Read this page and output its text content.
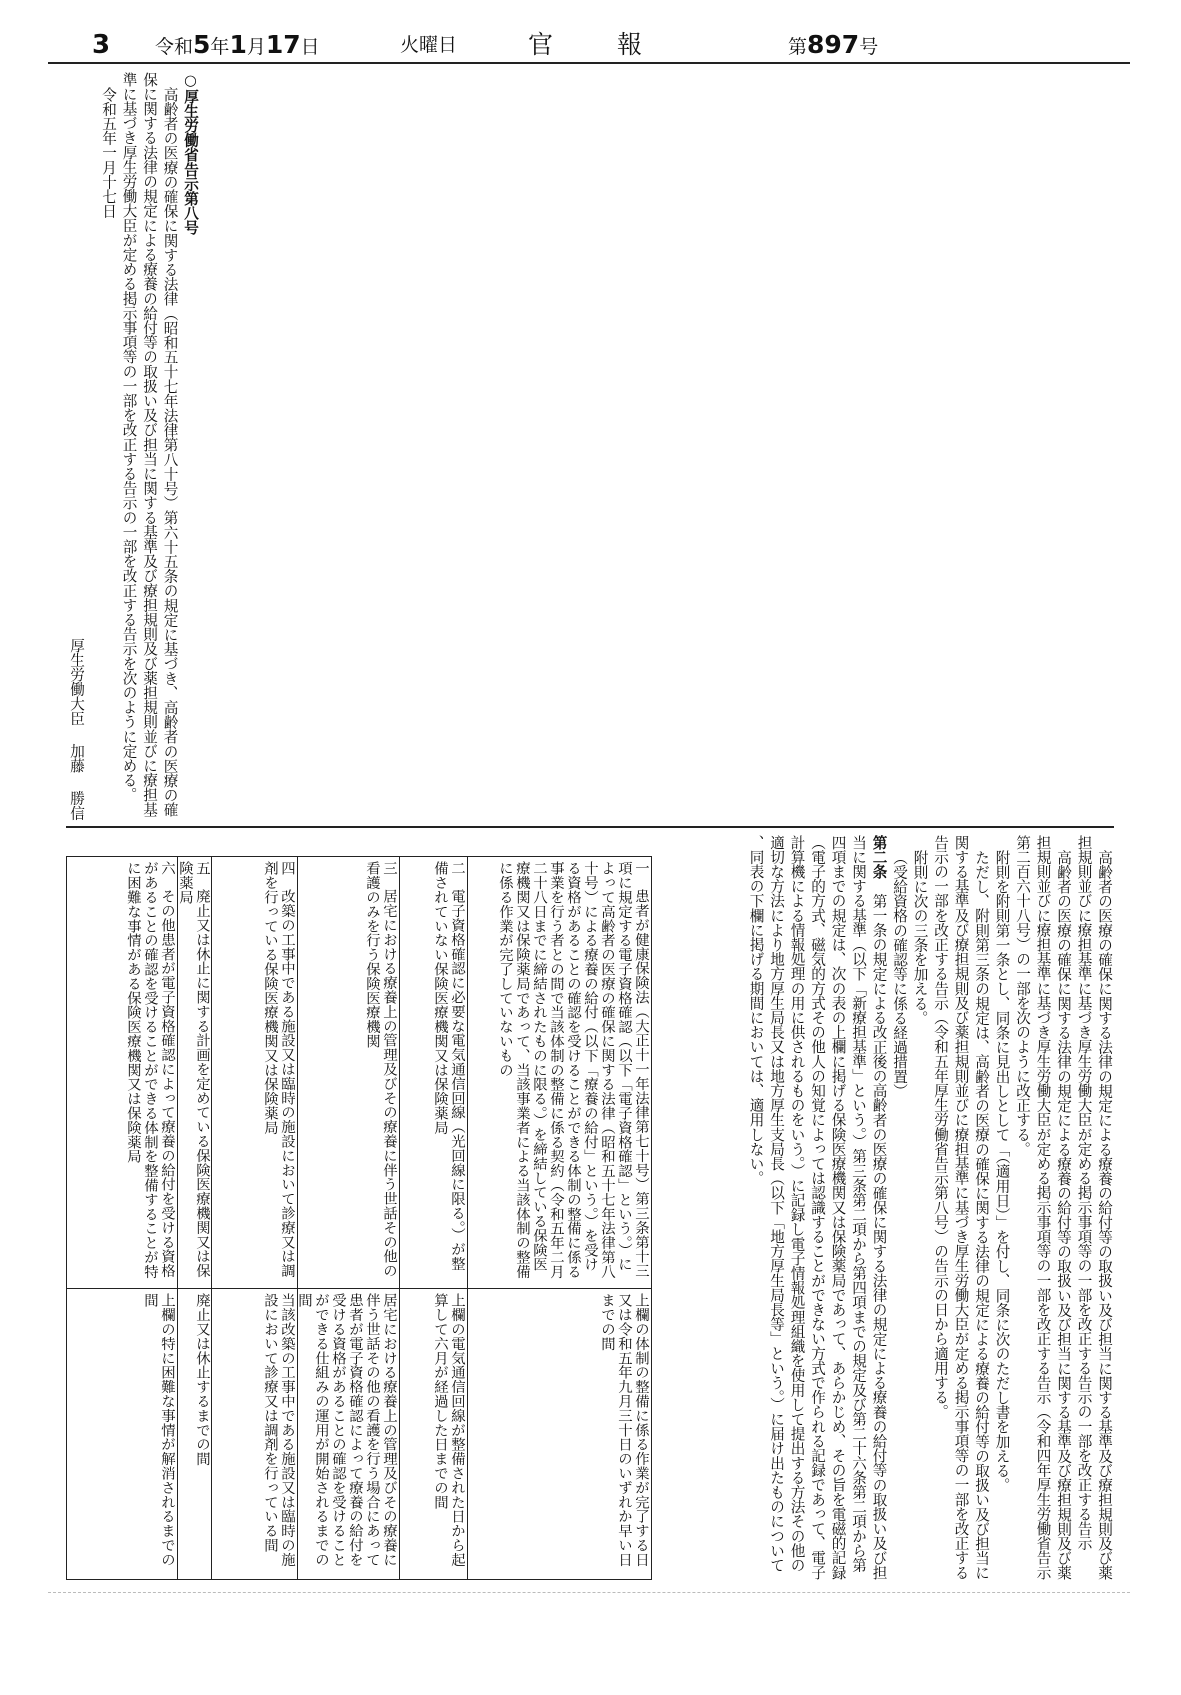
3 令和5年1月17日	火曜日	官報	第897号
○厚生労働省告示第八号
高齢者の医療の確保に関する法律（昭和五十七年法律第八十号）第六十五条の規定に基づき、高齢者の医療の確保に関する法律の規定による療養の給付等の取扱い及び担当に関する基準及び療担規則及び薬担規則並びに療担基準に基づき厚生労働大臣が定める掲示事項等の一部を改正する告示の一部を改正する告示を次のように定める。
令和五年一月十七日
厚生労働大臣加藤勝信
高齢者の医療の確保に関する法律の規定による療養の給付等の取扱い及び担当に関する基準及び療担規則及び薬担規則並びに療担基準に基づき厚生労働大臣が定める掲示事項等の一部を改正する告示の一部を改正する告示
高齢者の医療の確保に関する法律の規定による療養の給付等の取扱い及び担当に関する基準及び療担規則及び薬担規則並びに療担基準に基づき厚生労働大臣が定める掲示事項等の一部を改正する告示（令和四年厚生労働省告示第二百六十八号）の一部を次のように改正する。
附則を附則第一条とし、同条に見出しとして「（適用日）」を付し、同条に次のただし書を加える。
ただし、附則第三条の規定は、高齢者の医療の確保に関する法律の規定による療養の給付等の取扱い及び担当に関する基準及び療担規則及び薬担規則並びに療担基準に基づき厚生労働大臣が定める掲示事項等の一部を改正する告示の一部を改正する告示（令和五年厚生労働省告示第八号）の告示の日から適用する。
附則に次の三条を加える。
（受給資格の確認等に係る経過措置）
第二条　第一条の規定による改正後の高齢者の医療の確保に関する法律の規定による療養の給付等の取扱い及び担当に関する基準（以下「新療担基準」という。）第三条第二項から第四項までの規定及び第二十六条第二項から第四項までの規定は、次の表の上欄に掲げる保険医療機関又は保険薬局であって、あらかじめ、その旨を電磁的記録（電子的方式、磁気的方式その他人の知覚によっては認識することができない方式で作られる記録であって、電子計算機による情報処理の用に供されるものをいう。）に記録し電子情報処理組織を使用して提出する方法その他の適切な方法により地方厚生局長又は地方厚生支局長（以下「地方厚生局長等」という。）に届け出たものについて、同表の下欄に掲げる期間においては、適用しない。
一患者が健康保険法（大正十一年法律第七十号）第三条第十三項に規定する電子資格確認（以下「電子資格確認」という。）によって高齢者の医療の確保に関する法律（昭和五十七年法律第八十号）による療養の給付（以下「療養の給付」という。）を受ける資格があることの確認を受けることができる体制の整備に係る事業を行う者との間で当該体制の整備に係る契約（令和五年二月二十八日までに締結されたものに限る。）を締結している保険医療機関又は保険薬局であって、当該事業者による当該体制の整備に係る作業が完了していないもの
上欄の体制の整備に係る作業が完了する日又は令和五年九月三十日のいずれか早い日までの間
二電子資格確認に必要な電気通信回線（光回線に限る。）が整備されていない保険医療機関又は保険薬局
上欄の電気通信回線が整備された日から起算して六月が経過した日までの間
三居宅における療養上の管理及びその療養に伴う世話その他の看護のみを行う保険医療機関
居宅における療養上の管理及びその療養に伴う世話その他の看護を行う場合にあって患者が電子資格確認によって療養の給付を受ける資格があることの確認を受けることができる仕組みの運用が開始されるまでの間
四改築の工事中である施設又は臨時の施設において診療又は調剤を行っている保険医療機関又は保険薬局
当該改築の工事中である施設又は臨時の施設において診療又は調剤を行っている間
五廃止又は休止に関する計画を定めている保険医療機関又は保険薬局
廃止又は休止するまでの間
六その他患者が電子資格確認によって療養の給付を受ける資格があることの確認を受けることができる体制を整備することが特に困難な事情がある保険医療機関又は保険薬局
上欄の特に困難な事情が解消されるまでの間
